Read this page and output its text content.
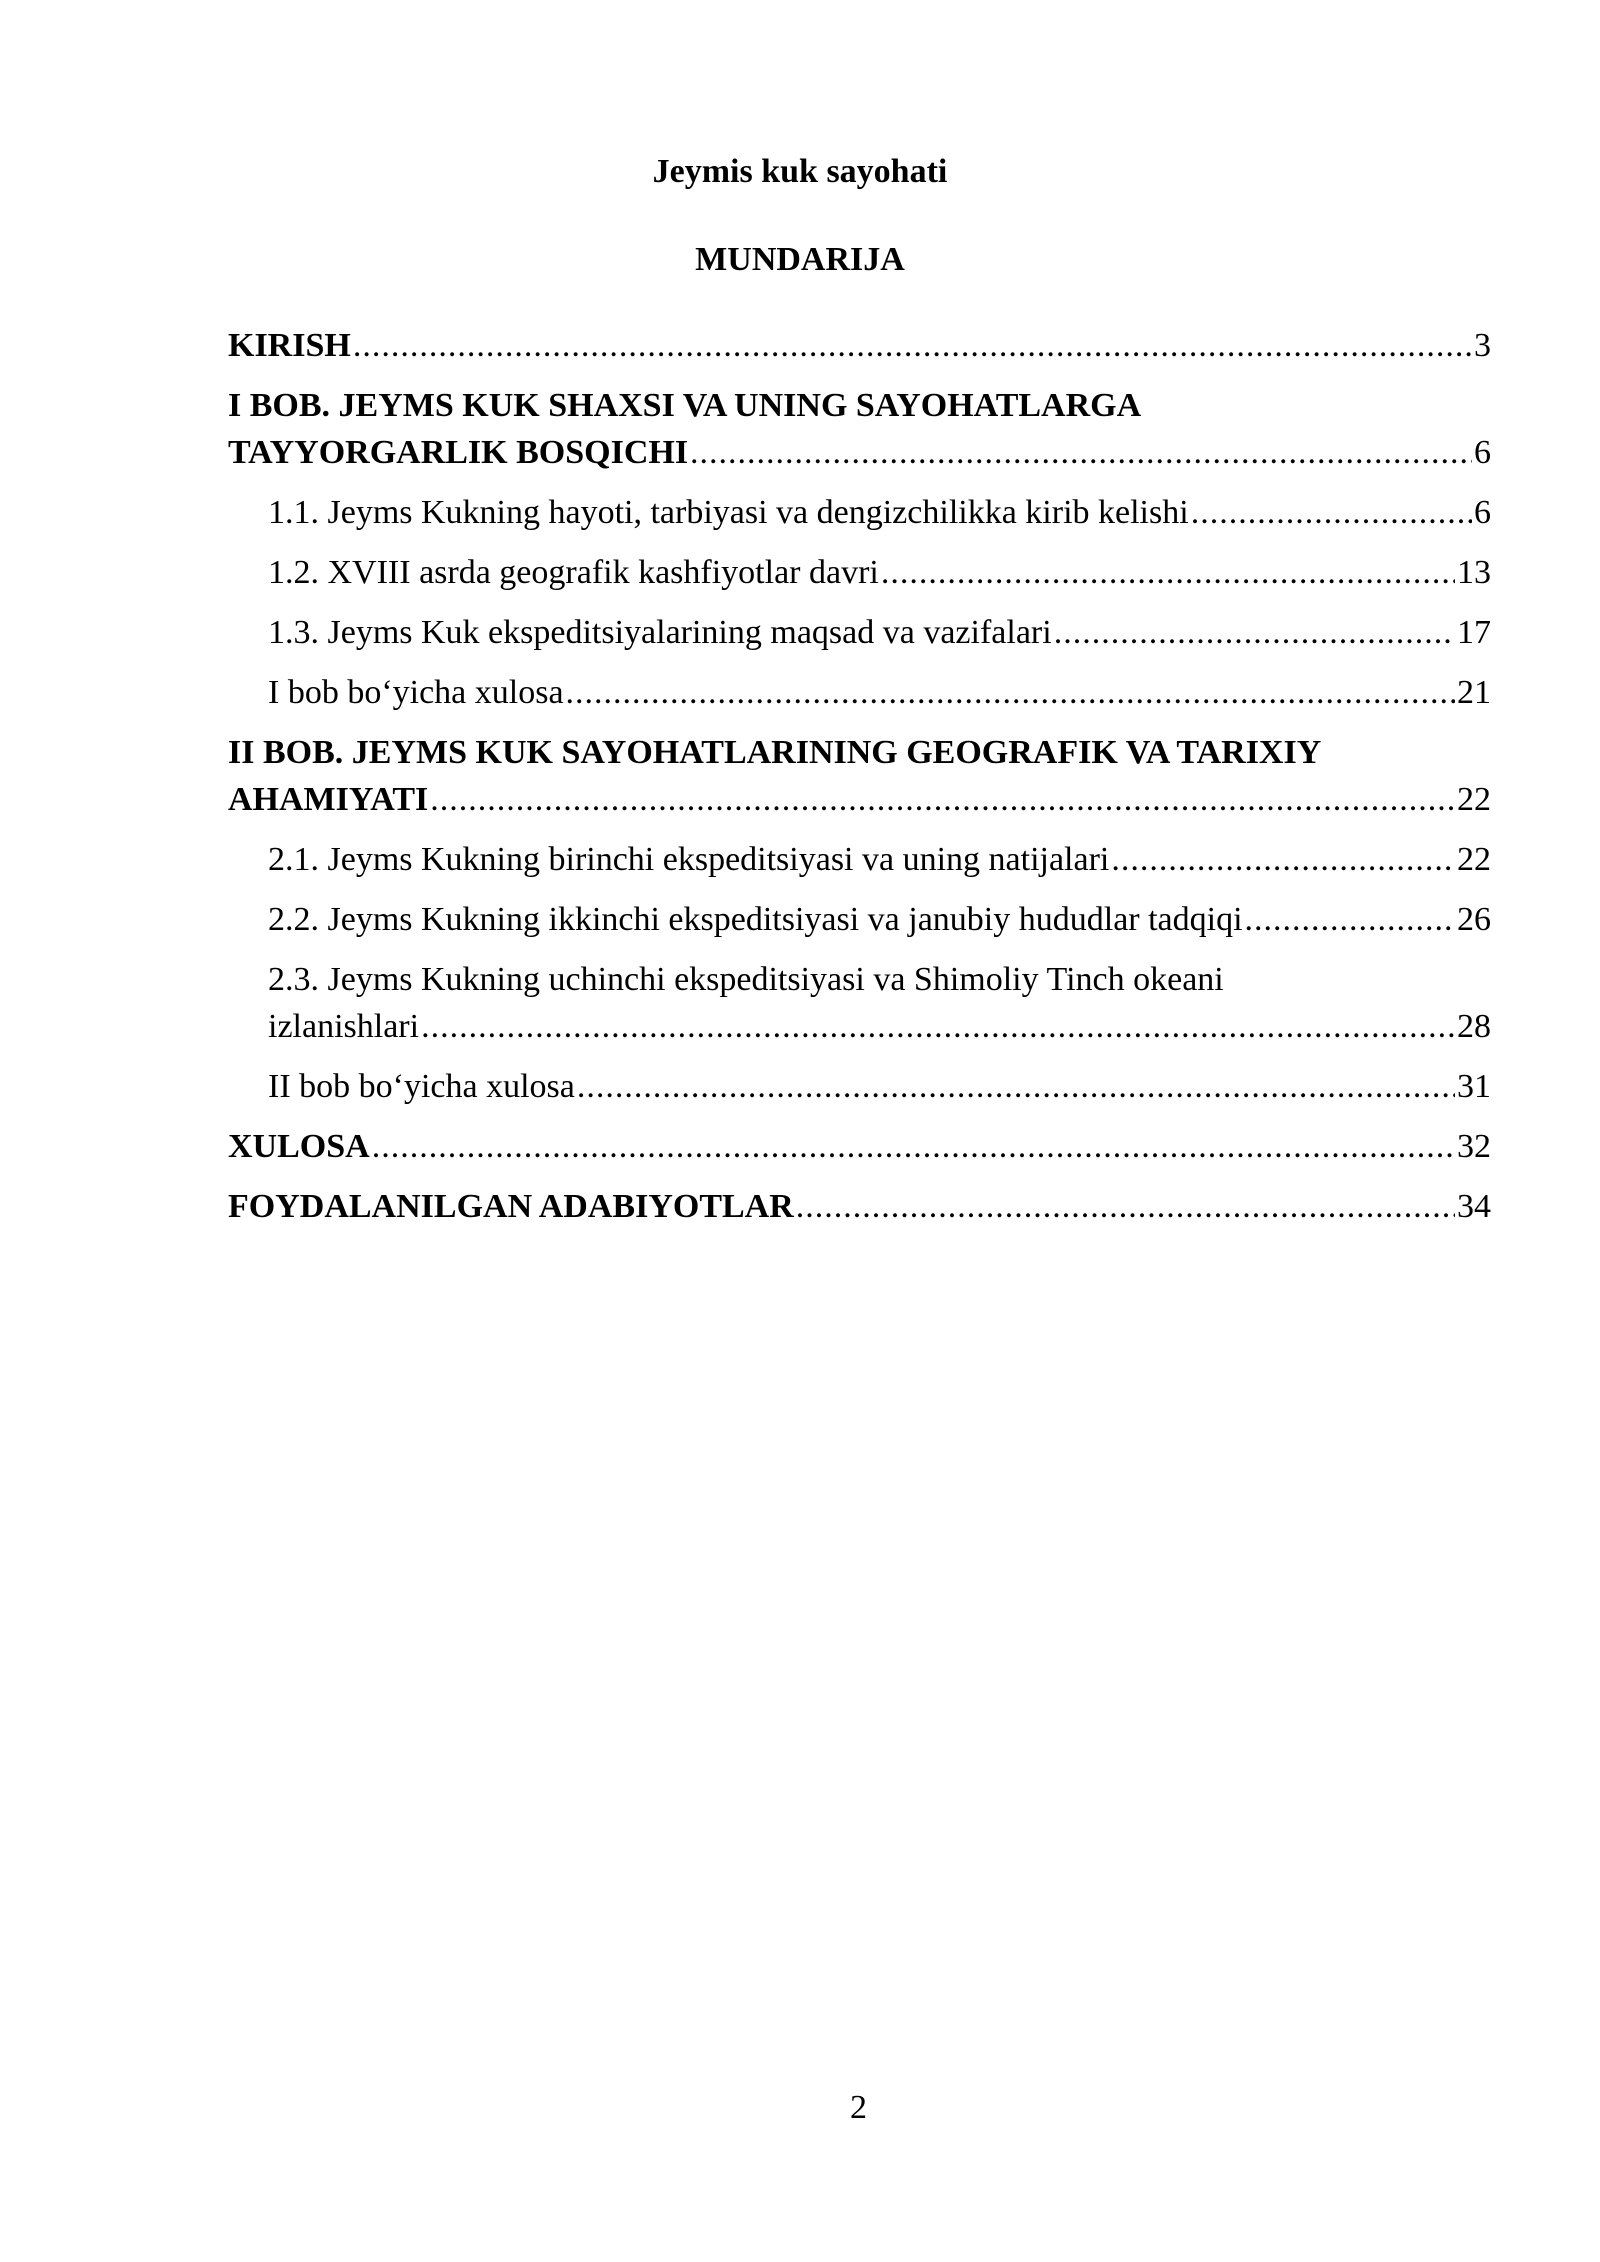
Jeymis kuk sayohati
MUNDARIJA
KIRISH .....	3
I BOB. JEYMS KUK SHAXSI VA UNING SAYOHATLARGA
TAYYORGARLIK BOSQICHI .....	6
1.1. Jeyms Kukning hayoti, tarbiyasi va dengizchilikka kirib kelishi .....	6
1.2. XVIII asrda geografik kashfiyotlar davri .....	13
1.3. Jeyms Kuk ekspeditsiyalarining maqsad va vazifalari .....	17
I bob bo‘yicha xulosa .....	21
II BOB. JEYMS KUK SAYOHATLARINING GEOGRAFIK VA TARIXIY
AHAMIYATI .....	22
2.1. Jeyms Kukning birinchi ekspeditsiyasi va uning natijalari .....	22
2.2. Jeyms Kukning ikkinchi ekspeditsiyasi va janubiy hududlar tadqiqi .....	26
2.3. Jeyms Kukning uchinchi ekspeditsiyasi va Shimoliy Tinch okeani
izlanishlari .....	28
II bob bo‘yicha xulosa .....	31
XULOSA .....	32
FOYDALANILGAN ADABIYOTLAR .....	34
2
